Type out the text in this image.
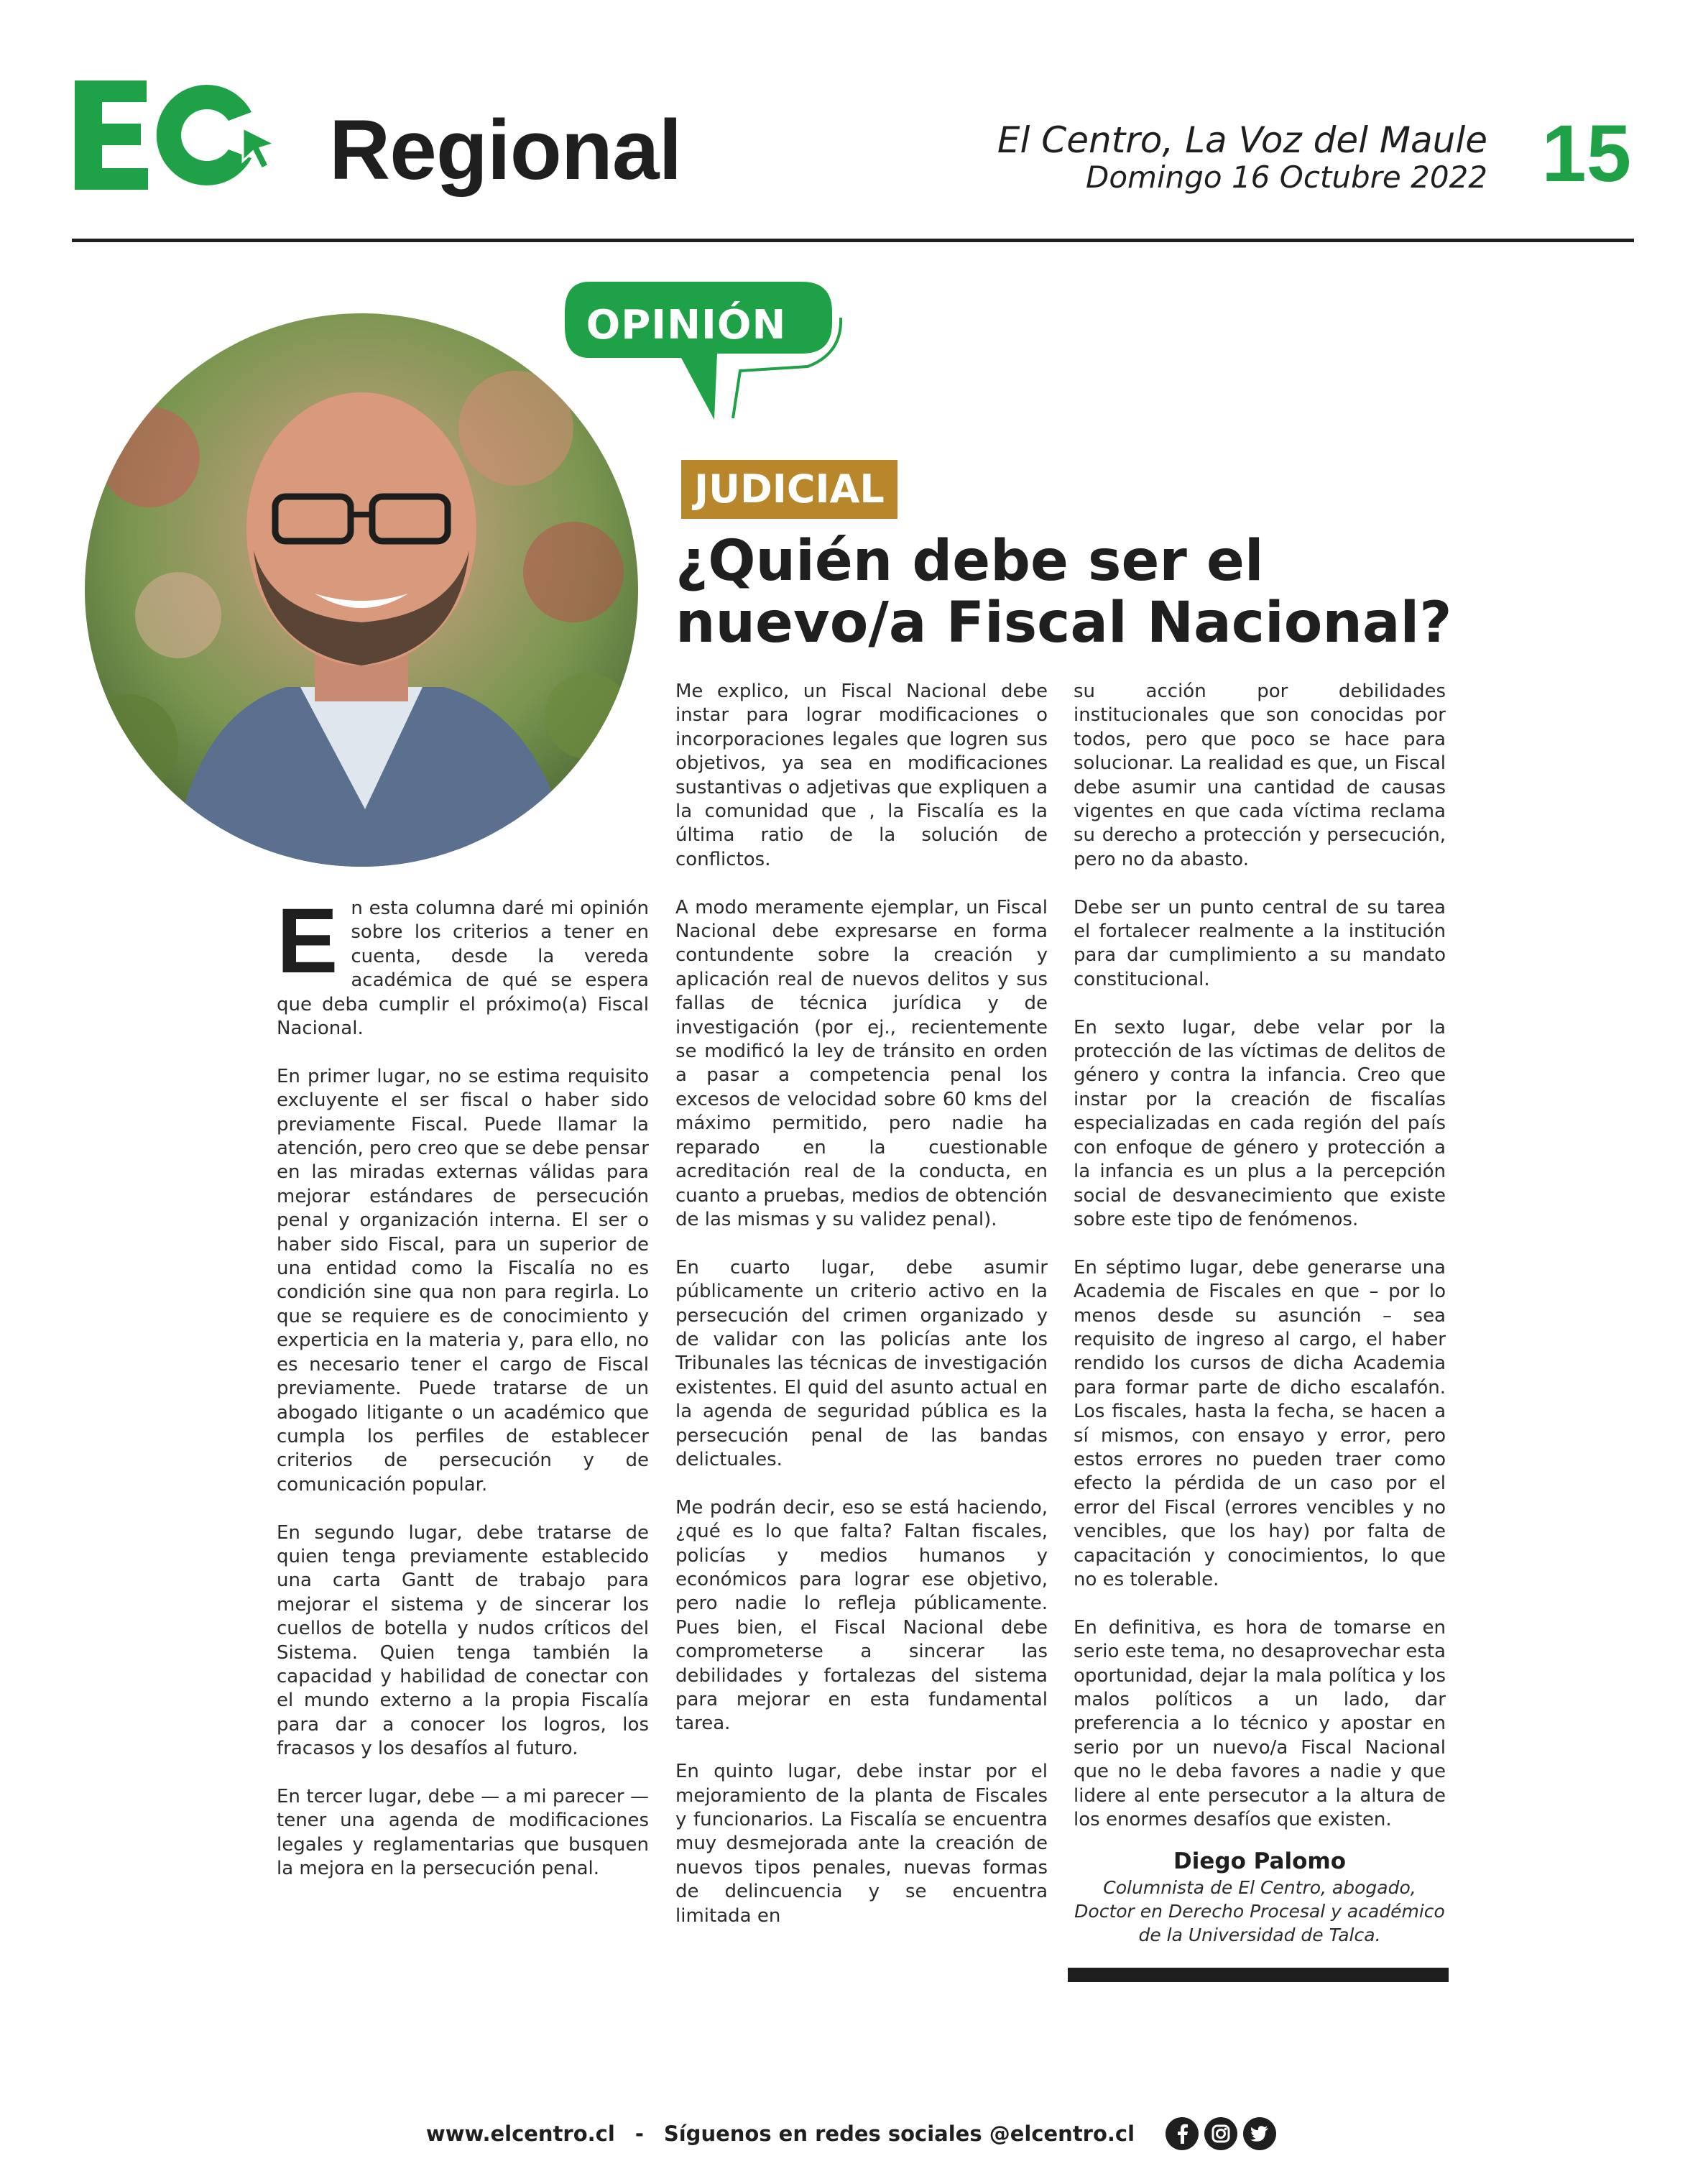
Regional	El Centro, La Voz del Maule
Domingo 16 Octubre 2022 15
OPINIÓN
JUDICIAL
¿Quién debe ser el
nuevo/a Fiscal Nacional?

En esta columna daré mi opinión sobre los criterios a tener en cuenta, desde la vereda académica de qué se espera que deba cumplir el próximo(a) Fiscal Nacional.

En primer lugar, no se estima requisito excluyente el ser fiscal o haber sido previamente Fiscal. Puede llamar la atención, pero creo que se debe pensar en las miradas externas válidas para mejorar estándares de persecución penal y organización interna. El ser o haber sido Fiscal, para un superior de una entidad como la Fiscalía no es condición sine qua non para regirla. Lo que se requiere es de conocimiento y experticia en la materia y, para ello, no es necesario tener el cargo de Fiscal previamente. Puede tratarse de un abogado litigante o un académico que cumpla los perfiles de establecer criterios de persecución y de comunicación popular.

En segundo lugar, debe tratarse de quien tenga previamente establecido una carta Gantt de trabajo para mejorar el sistema y de sincerar los cuellos de botella y nudos críticos del Sistema. Quien tenga también la capacidad y habilidad de conectar con el mundo externo a la propia Fiscalía para dar a conocer los logros, los fracasos y los desafíos al futuro.

En tercer lugar, debe — a mi parecer — tener una agenda de modificaciones legales y reglamentarias que busquen la mejora en la persecución penal.

Me explico, un Fiscal Nacional debe instar para lograr modificaciones o incorporaciones legales que logren sus objetivos, ya sea en modificaciones sustantivas o adjetivas que expliquen a la comunidad que , la Fiscalía es la última ratio de la solución de conflictos.

A modo meramente ejemplar, un Fiscal Nacional debe expresarse en forma contundente sobre la creación y aplicación real de nuevos delitos y sus fallas de técnica jurídica y de investigación (por ej., recientemente se modificó la ley de tránsito en orden a pasar a competencia penal los excesos de velocidad sobre 60 kms del máximo permitido, pero nadie ha reparado en la cuestionable acreditación real de la conducta, en cuanto a pruebas, medios de obtención de las mismas y su validez penal).

En cuarto lugar, debe asumir públicamente un criterio activo en la persecución del crimen organizado y de validar con las policías ante los Tribunales las técnicas de investigación existentes. El quid del asunto actual en la agenda de seguridad pública es la persecución penal de las bandas delictuales.

Me podrán decir, eso se está haciendo, ¿qué es lo que falta? Faltan fiscales, policías y medios humanos y económicos para lograr ese objetivo, pero nadie lo refleja públicamente. Pues bien, el Fiscal Nacional debe comprometerse a sincerar las debilidades y fortalezas del sistema para mejorar en esta fundamental tarea.

En quinto lugar, debe instar por el mejoramiento de la planta de Fiscales y funcionarios. La Fiscalía se encuentra muy desmejorada ante la creación de nuevos tipos penales, nuevas formas de delincuencia y se encuentra limitada en

su acción por debilidades institucionales que son conocidas por todos, pero que poco se hace para solucionar. La realidad es que, un Fiscal debe asumir una cantidad de causas vigentes en que cada víctima reclama su derecho a protección y persecución, pero no da abasto.

Debe ser un punto central de su tarea el fortalecer realmente a la institución para dar cumplimiento a su mandato constitucional.

En sexto lugar, debe velar por la protección de las víctimas de delitos de género y contra la infancia. Creo que instar por la creación de fiscalías especializadas en cada región del país con enfoque de género y protección a la infancia es un plus a la percepción social de desvanecimiento que existe sobre este tipo de fenómenos.

En séptimo lugar, debe generarse una Academia de Fiscales en que – por lo menos desde su asunción – sea requisito de ingreso al cargo, el haber rendido los cursos de dicha Academia para formar parte de dicho escalafón. Los fiscales, hasta la fecha, se hacen a sí mismos, con ensayo y error, pero estos errores no pueden traer como efecto la pérdida de un caso por el error del Fiscal (errores vencibles y no vencibles, que los hay) por falta de capacitación y conocimientos, lo que no es tolerable.

En definitiva, es hora de tomarse en serio este tema, no desaprovechar esta oportunidad, dejar la mala política y los malos políticos a un lado, dar preferencia a lo técnico y apostar en serio por un nuevo/a Fiscal Nacional que no le deba favores a nadie y que lidere al ente persecutor a la altura de los enormes desafíos que existen.

Diego Palomo
Columnista de El Centro, abogado,
Doctor en Derecho Procesal y académico
de la Universidad de Talca.
www.elcentro.cl - Síguenos en redes sociales @elcentro.cl
